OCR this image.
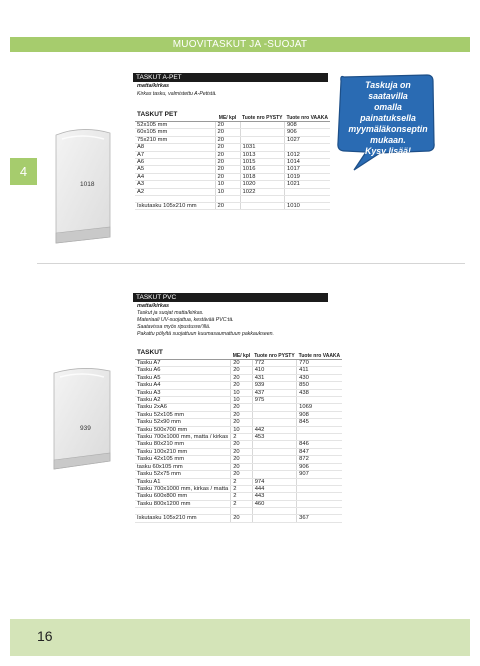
MUOVITASKUT JA -SUOJAT
4
Taskuja on saatavilla
omalla painatuksella
myymäläkonseptin
mukaan.
Kysy lisää!
TASKUT A-PET
matta/kirkas
Kirkas tasku, valmistettu A-Petistä.
1018
TASKUT PET	ME/ kpl	Tuote nro PYSTY	Tuote nro VAAKA
52x105 mm	20		908
60x105 mm	20		906
75x210 mm	20		1027
A8	20	1031	
A7	20	1013	1012
A6	20	1015	1014
A5	20	1016	1017
A4	20	1018	1019
A3	10	1020	1021
A2	10	1022	

Iskutasku 105x210 mm	20		1010
TASKUT PVC
matta/kirkas
Taskut ja suojat matta/kirkas.
Materiaali UV-suojattua, kestävää PVC:tä.
Saatavissa myös ripustusrei'illä.
Pakattu pölyltä suojattuun kuumasaumattuun pakkaukseen.
939
TASKUT	ME/ kpl	Tuote nro PYSTY	Tuote nro VAAKA
Tasku A7	20	772	770
Tasku A6	20	410	411
Tasku A5	20	431	430
Tasku A4	20	939	850
Tasku A3	10	437	438
Tasku A2	10	975	
Tasku 2xA6	20		1069
Tasku 52x105 mm	20		908
Tasku 52x90 mm	20		845
Tasku 500x700 mm	10	442	
Tasku 700x1000 mm, matta / kirkas	2	453	
Tasku 80x210 mm	20		846
Tasku 100x210 mm	20		847
Tasku 42x105 mm	20		872
tasku 60x105 mm	20		906
Tasku 52x75 mm	20		907
Tasku A1	2	974	
Tasku 700x1000 mm, kirkas / matta	2	444	
Tasku 600x800 mm	2	443	
Tasku 800x1200 mm	2	460	

Iskutasku 105x210 mm	20		367
16
